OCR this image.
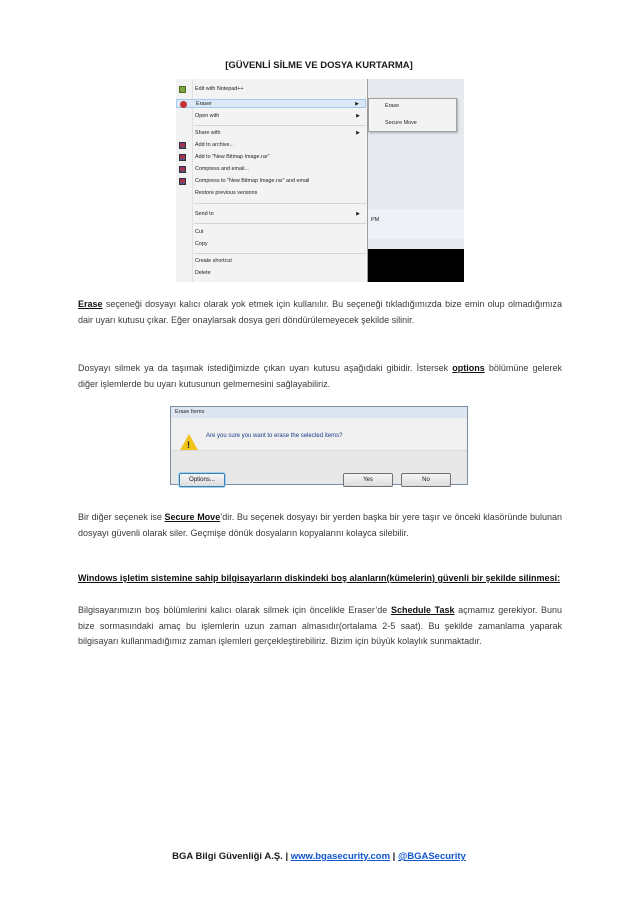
[GÜVENLİ SİLME VE DOSYA KURTARMA]
PM
Edit with Notepad++
Eraser	▶
Open with	▶
Share with	▶
Add to archive...
Add to "New Bitmap Image.rar"
Compress and email...
Compress to "New Bitmap Image.rar" and email
Restore previous versions
Send to	▶
Cut
Copy
Create shortcut
Delete
Erase
Secure Move

Erase seçeneği dosyayı kalıcı olarak yok etmek için kullanılır. Bu seçeneği tıkladığımızda bize emin olup olmadığımıza dair uyarı kutusu çıkar. Eğer onaylarsak dosya geri döndürülemeyecek şekilde silinir.

Dosyayı silmek ya da taşımak istediğimizde çıkan uyarı kutusu aşağıdaki gibidir. İstersek options bölümüne gelerek diğer işlemlerde bu uyarı kutusunun gelmemesini sağlayabiliriz.

Erase Items
!
Are you sure you want to erase the selected items?
Options...	Yes	No

Bir diğer seçenek ise Secure Move’dir. Bu seçenek dosyayı bir yerden başka bir yere taşır ve önceki klasöründe bulunan dosyayı güvenli olarak siler. Geçmişe dönük dosyaların kopyalarını kolayca silebilir.

Windows işletim sistemine sahip bilgisayarların diskindeki boş alanların(kümelerin) güvenli bir şekilde silinmesi:

Bilgisayarımızın boş bölümlerini kalıcı olarak silmek için öncelikle Eraser’de Schedule Task açmamız gerekiyor. Bunu bize sormasındaki amaç bu işlemlerin uzun zaman almasıdır(ortalama 2-5 saat). Bu şekilde zamanlama yaparak bilgisayarı kullanmadığımız zaman işlemleri gerçekleştirebiliriz. Bizim için büyük kolaylık sunmaktadır.

BGA Bilgi Güvenliği A.Ş. | www.bgasecurity.com | @BGASecurity
